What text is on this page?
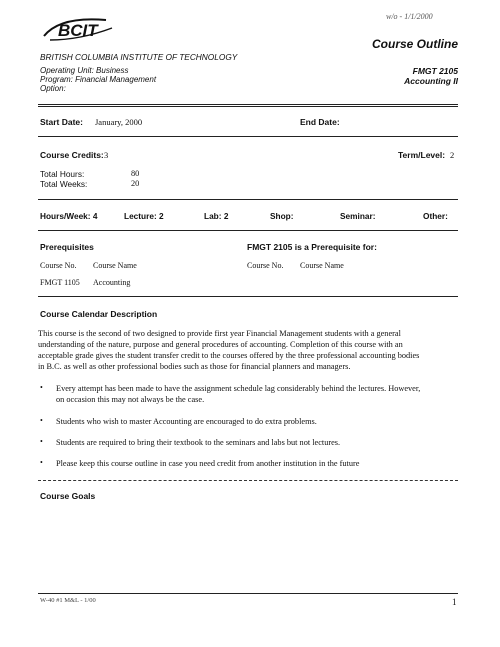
BCIT
w/o - 1/1/2000
Course Outline
BRITISH COLUMBIA INSTITUTE OF TECHNOLOGY
Operating Unit: Business
Program: Financial Management
Option:
FMGT 2105
Accounting II
Start Date: January, 2000	End Date:
Course Credits: 3	Term/Level: 2
Total Hours:	80
Total Weeks:	20
Hours/Week: 4	Lecture: 2	Lab: 2	Shop:	Seminar:	Other:
Prerequisites	FMGT 2105 is a Prerequisite for:
Course No. Course Name	Course No. Course Name
FMGT 1105 Accounting
Course Calendar Description
This course is the second of two designed to provide first year Financial Management students with a general
understanding of the nature, purpose and general procedures of accounting. Completion of this course with an
acceptable grade gives the student transfer credit to the courses offered by the three professional accounting bodies
in B.C. as well as other professional bodies such as those for financial planners and managers.
• Every attempt has been made to have the assignment schedule lag considerably behind the lectures. However,
on occasion this may not always be the case.
• Students who wish to master Accounting are encouraged to do extra problems.
• Students are required to bring their textbook to the seminars and labs but not lectures.
• Please keep this course outline in case you need credit from another institution in the future
Course Goals
W-40 #1 M&L - 1/00	1
